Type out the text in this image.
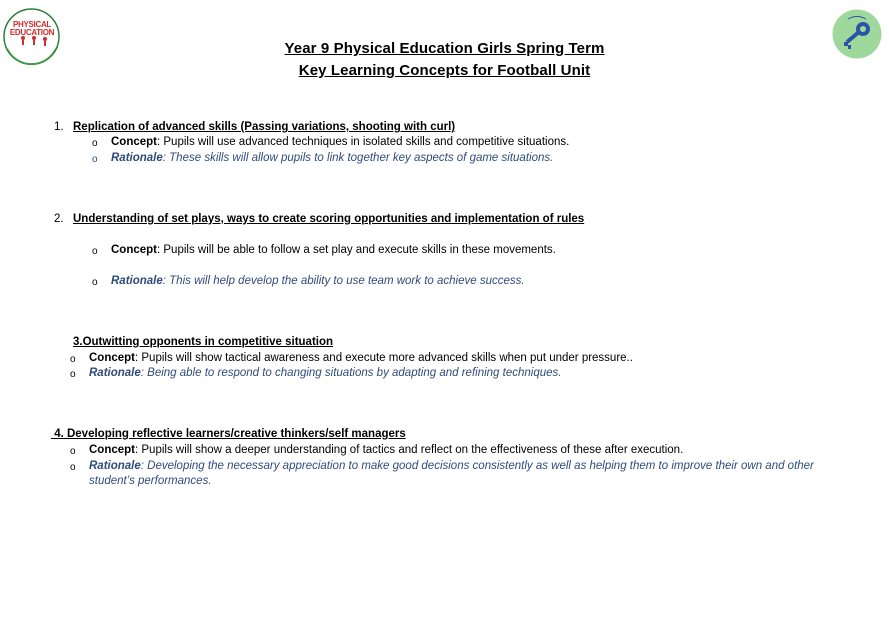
PHYSICAL
EDUCATION
Year 9 Physical Education Girls Spring Term
Key Learning Concepts for Football Unit
1. Replication of advanced skills (Passing variations, shooting with curl)
o Concept: Pupils will use advanced techniques in isolated skills and competitive situations.
o Rationale: These skills will allow pupils to link together key aspects of game situations.
2. Understanding of set plays, ways to create scoring opportunities and implementation of rules
o Concept: Pupils will be able to follow a set play and execute skills in these movements.
o Rationale: This will help develop the ability to use team work to achieve success.
3.Outwitting opponents in competitive situation
o Concept: Pupils will show tactical awareness and execute more advanced skills when put under pressure..
o Rationale: Being able to respond to changing situations by adapting and refining techniques.
4. Developing reflective learners/creative thinkers/self managers
o Concept: Pupils will show a deeper understanding of tactics and reflect on the effectiveness of these after execution.
o Rationale: Developing the necessary appreciation to make good decisions consistently as well as helping them to improve their own and other
student’s performances.
